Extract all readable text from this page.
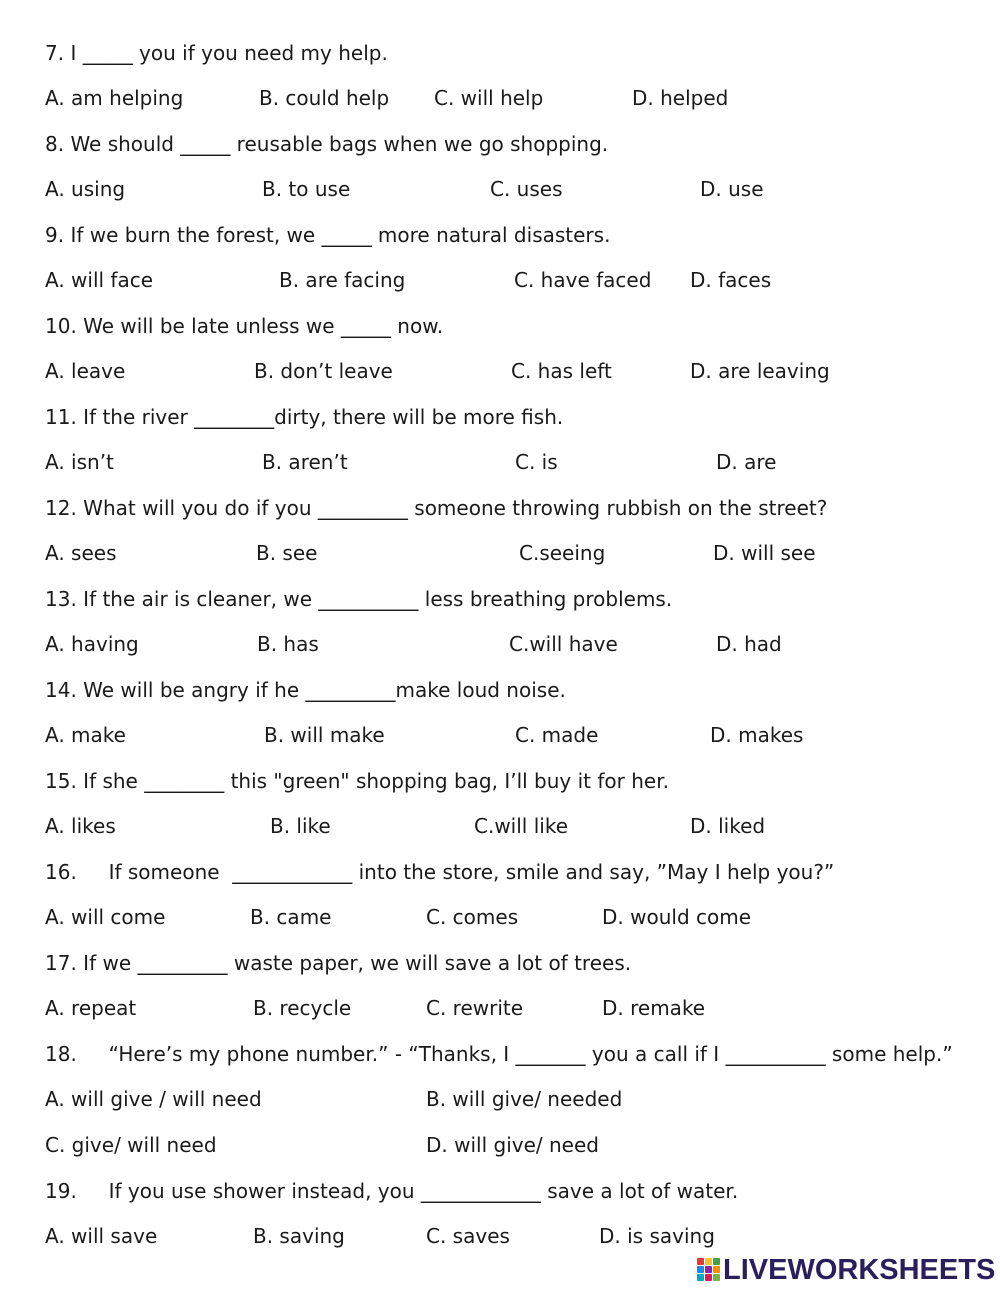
7. I _____ you if you need my help.
A. am helping	B. could help C. will help	D. helped
8. We should _____ reusable bags when we go shopping.
A. using	B. to use	C. uses	D. use
9. If we burn the forest, we _____ more natural disasters.
A. will face	B. are facing	C. have faced D. faces
10. We will be late unless we _____ now.
A. leave	B. don’t leave	C. has left	D. are leaving
11. If the river ________dirty, there will be more fish.
A. isn’t	B. aren’t	C. is	D. are
12. What will you do if you _________ someone throwing rubbish on the street?
A. sees	B. see	C.seeing	D. will see
13. If the air is cleaner, we __________ less breathing problems.
A. having	B. has	C.will have	D. had
14. We will be angry if he _________make loud noise.
A. make	B. will make	C. made	D. makes
15. If she ________ this "green" shopping bag, I’ll buy it for her.
A. likes	B. like	C.will like	D. liked
16.     If someone  ____________ into the store, smile and say, ”May I help you?”
A. will come	B. came	C. comes	D. would come
17. If we _________ waste paper, we will save a lot of trees.
A. repeat	B. recycle	C. rewrite	D. remake
18.     “Here’s my phone number.” - “Thanks, I _______ you a call if I __________ some help.”
A. will give / will need	B. will give/ needed
C. give/ will need	D. will give/ need
19.     If you use shower instead, you ____________ save a lot of water.
A. will save	B. saving	C. saves	D. is saving
LIVEWORKSHEETS
